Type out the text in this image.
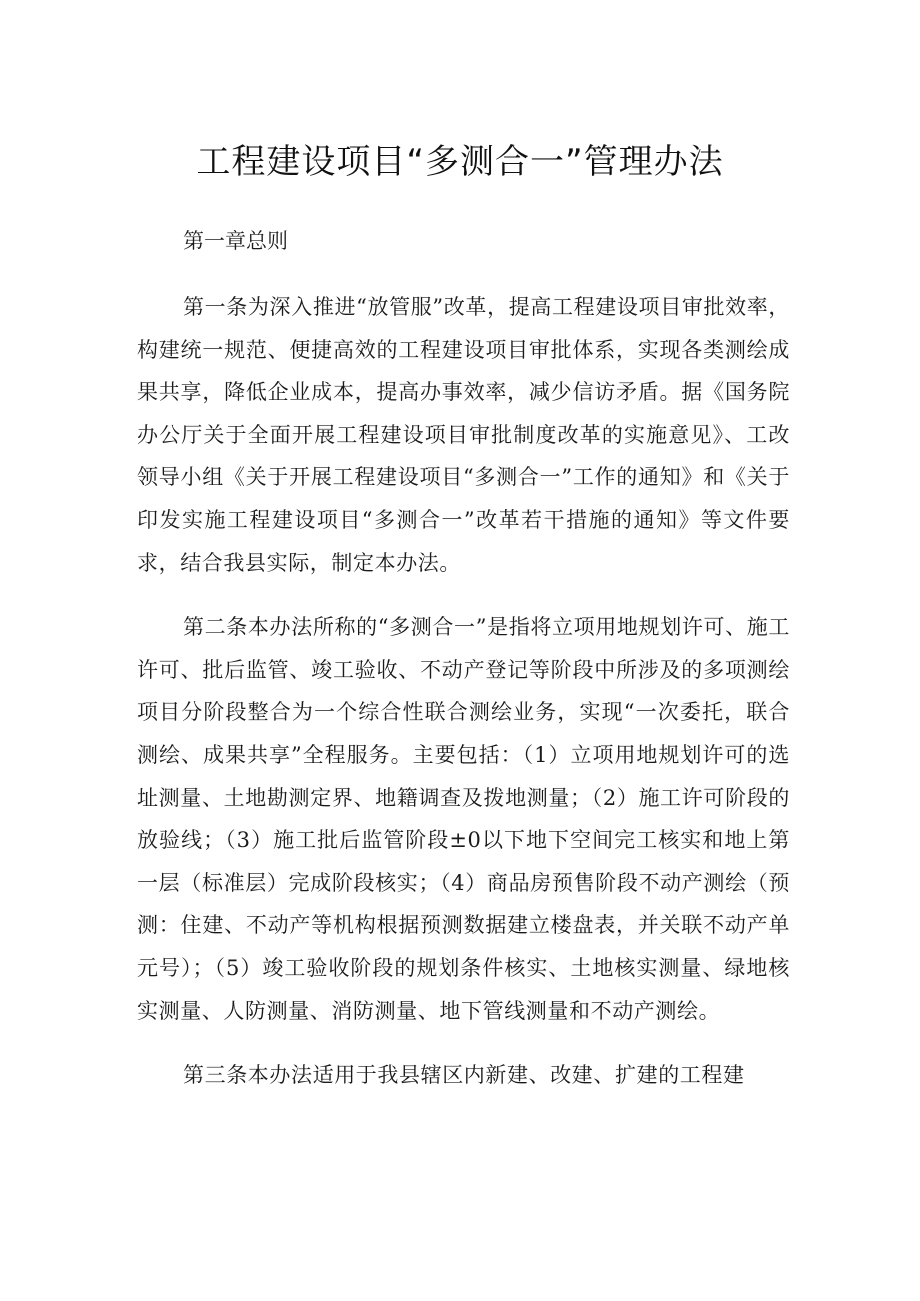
工程建设项目“多测合一”管理办法

第一章总则

第一条为深入推进“放管服”改革，提高工程建设项目审批效率，构建统一规范、便捷高效的工程建设项目审批体系，实现各类测绘成果共享，降低企业成本，提高办事效率，减少信访矛盾。据《国务院办公厅关于全面开展工程建设项目审批制度改革的实施意见》、工改领导小组《关于开展工程建设项目“多测合一”工作的通知》和《关于印发实施工程建设项目“多测合一”改革若干措施的通知》等文件要求，结合我县实际，制定本办法。

第二条本办法所称的“多测合一”是指将立项用地规划许可、施工许可、批后监管、竣工验收、不动产登记等阶段中所涉及的多项测绘项目分阶段整合为一个综合性联合测绘业务，实现“一次委托，联合测绘、成果共享”全程服务。主要包括：（1）立项用地规划许可的选址测量、土地勘测定界、地籍调查及拨地测量；（2）施工许可阶段的放验线；（3）施工批后监管阶段±0以下地下空间完工核实和地上第一层（标准层）完成阶段核实；（4）商品房预售阶段不动产测绘（预测：住建、不动产等机构根据预测数据建立楼盘表，并关联不动产单元号）；（5）竣工验收阶段的规划条件核实、土地核实测量、绿地核实测量、人防测量、消防测量、地下管线测量和不动产测绘。

第三条本办法适用于我县辖区内新建、改建、扩建的工程建
